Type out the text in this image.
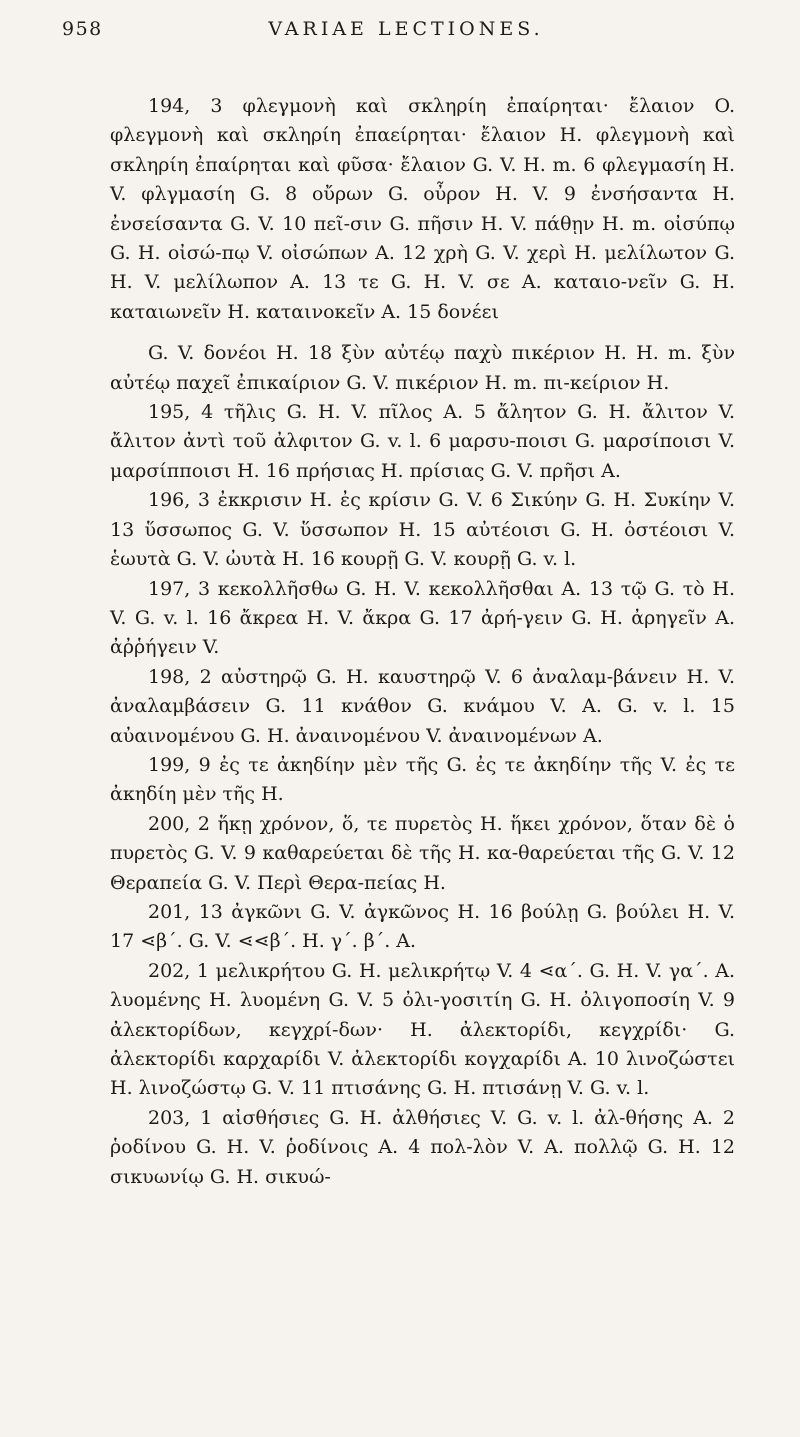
958	VARIAE LECTIONES.

194, 3 φλεγμονὴ καὶ σκληρίη ἐπαίρηται· ἔλαιον O. φλεγμονὴ καὶ σκληρίη ἐπαείρηται· ἔλαιον H. φλεγμονὴ καὶ σκληρίη ἐπαίρηται καὶ φῦσα· ἔλαιον G. V. H. m. 6 φλεγμασίη H. V. φλγμασίη G. 8 οὔρων G. οὖρον H. V. 9 ἐνσήσαντα H. ἐνσείσαντα G. V. 10 πεῖ-σιν G. πῆσιν H. V. πάθῃν H. m. οἰσύπῳ G. H. οἰσώ-πῳ V. οἰσώπων A. 12 χρὴ G. V. χερὶ H. μελίλωτον G. H. V. μελίλωπον A. 13 τε G. H. V. σε A. καταιο-νεῖν G. H. καταιωνεῖν H. καταινοκεῖν A. 15 δονέει

G. V. δονέοι H. 18 ξὺν αὐτέῳ παχὺ πικέριον H. H. m. ξὺν αὐτέῳ παχεῖ ἐπικαίριον G. V. πικέριον H. m. πι-κείριον H.

195, 4 τῆλις G. H. V. πῖλος A. 5 ἄλητον G. H. ἄλιτον V. ἄλιτον ἀντὶ τοῦ ἀλφιτον G. v. l. 6 μαρσυ-ποισι G. μαρσίποισι V. μαρσίπποισι H. 16 πρήσιας H. πρίσιας G. V. πρῆσι A.

196, 3 ἐκκρισιν H. ἐς κρίσιν G. V. 6 Σικύην G. H. Συκίην V. 13 ὕσσωπος G. V. ὕσσωπον H. 15 αὐτέοισι G. H. ὀστέοισι V. ἑωυτὰ G. V. ὠυτὰ H. 16 κουρῇ G. V. κουρῇ G. v. l.

197, 3 κεκολλῆσθω G. H. V. κεκολλῆσθαι A. 13 τῷ G. τὸ H. V. G. v. l. 16 ἄκρεα H. V. ἄκρα G. 17 ἀρή-γειν G. H. ἀρηγεῖν A. ἀῤῥήγειν V.

198, 2 αὐστηρῷ G. H. καυστηρῷ V. 6 ἀναλαμ-βάνειν H. V. ἀναλαμβάσειν G. 11 κνάθον G. κνάμου V. A. G. v. l. 15 αὐαινομένου G. H. ἀναινομένου V. ἀναινομένων A.

199, 9 ἐς τε ἀκηδίην μὲν τῆς G. ἐς τε ἀκηδίην τῆς V. ἐς τε ἀκηδίη μὲν τῆς H.

200, 2 ἥκῃ χρόνον, ὅ, τε πυρετὸς H. ἥκει χρόνον, ὅταν δὲ ὁ πυρετὸς G. V. 9 καθαρεύεται δὲ τῆς H. κα-θαρεύεται τῆς G. V. 12 Θεραπεία G. V. Περὶ Θερα-πείας H.

201, 13 ἀγκῶνι G. V. ἀγκῶνος H. 16 βούλῃ G. βούλει H. V. 17 ⋖β΄. G. V. ⋖⋖β΄. H. γ΄. β΄. A.

202, 1 μελικρήτου G. H. μελικρήτῳ V. 4 ⋖α΄. G. H. V. γα΄. A. λυομένης H. λυομένη G. V. 5 ὀλι-γοσιτίη G. H. ὀλιγοποσίη V. 9 ἀλεκτορίδων, κεγχρί-δων· H. ἀλεκτορίδι, κεγχρίδι· G. ἀλεκτορίδι καρχαρίδι V. ἀλεκτορίδι κογχαρίδι A. 10 λινοζώστει H. λινοζώστῳ G. V. 11 πτισάνης G. H. πτισάνῃ V. G. v. l.

203, 1 αἰσθήσιες G. H. ἀλθήσιες V. G. v. l. ἀλ-θήσης A. 2 ῥοδίνου G. H. V. ῥοδίνοις A. 4 πολ-λὸν V. A. πολλῷ G. H. 12 σικυωνίῳ G. H. σικυώ-
